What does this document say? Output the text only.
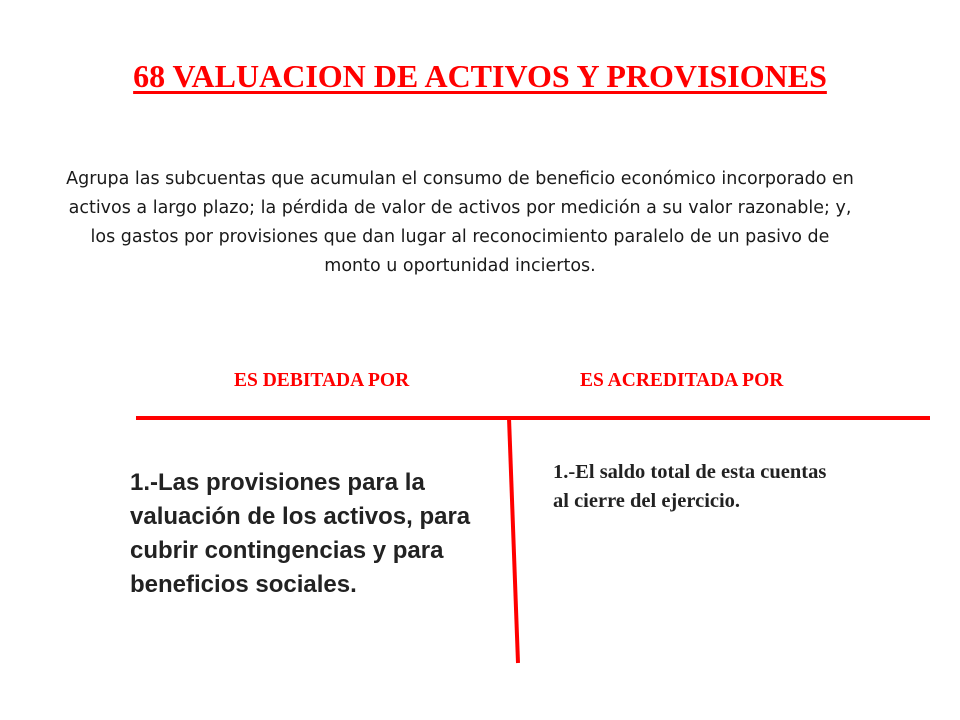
68 VALUACION DE ACTIVOS Y PROVISIONES
Agrupa las subcuentas que acumulan el consumo de beneficio económico incorporado en activos a largo plazo; la pérdida de valor de activos por medición a su valor razonable; y, los gastos por provisiones que dan lugar al reconocimiento paralelo de un pasivo de monto u oportunidad inciertos.
ES DEBITADA POR	ES ACREDITADA POR
1.-Las provisiones para la valuación de los activos, para cubrir contingencias y para beneficios sociales.
1.-El saldo total de esta cuentas al cierre del ejercicio.
